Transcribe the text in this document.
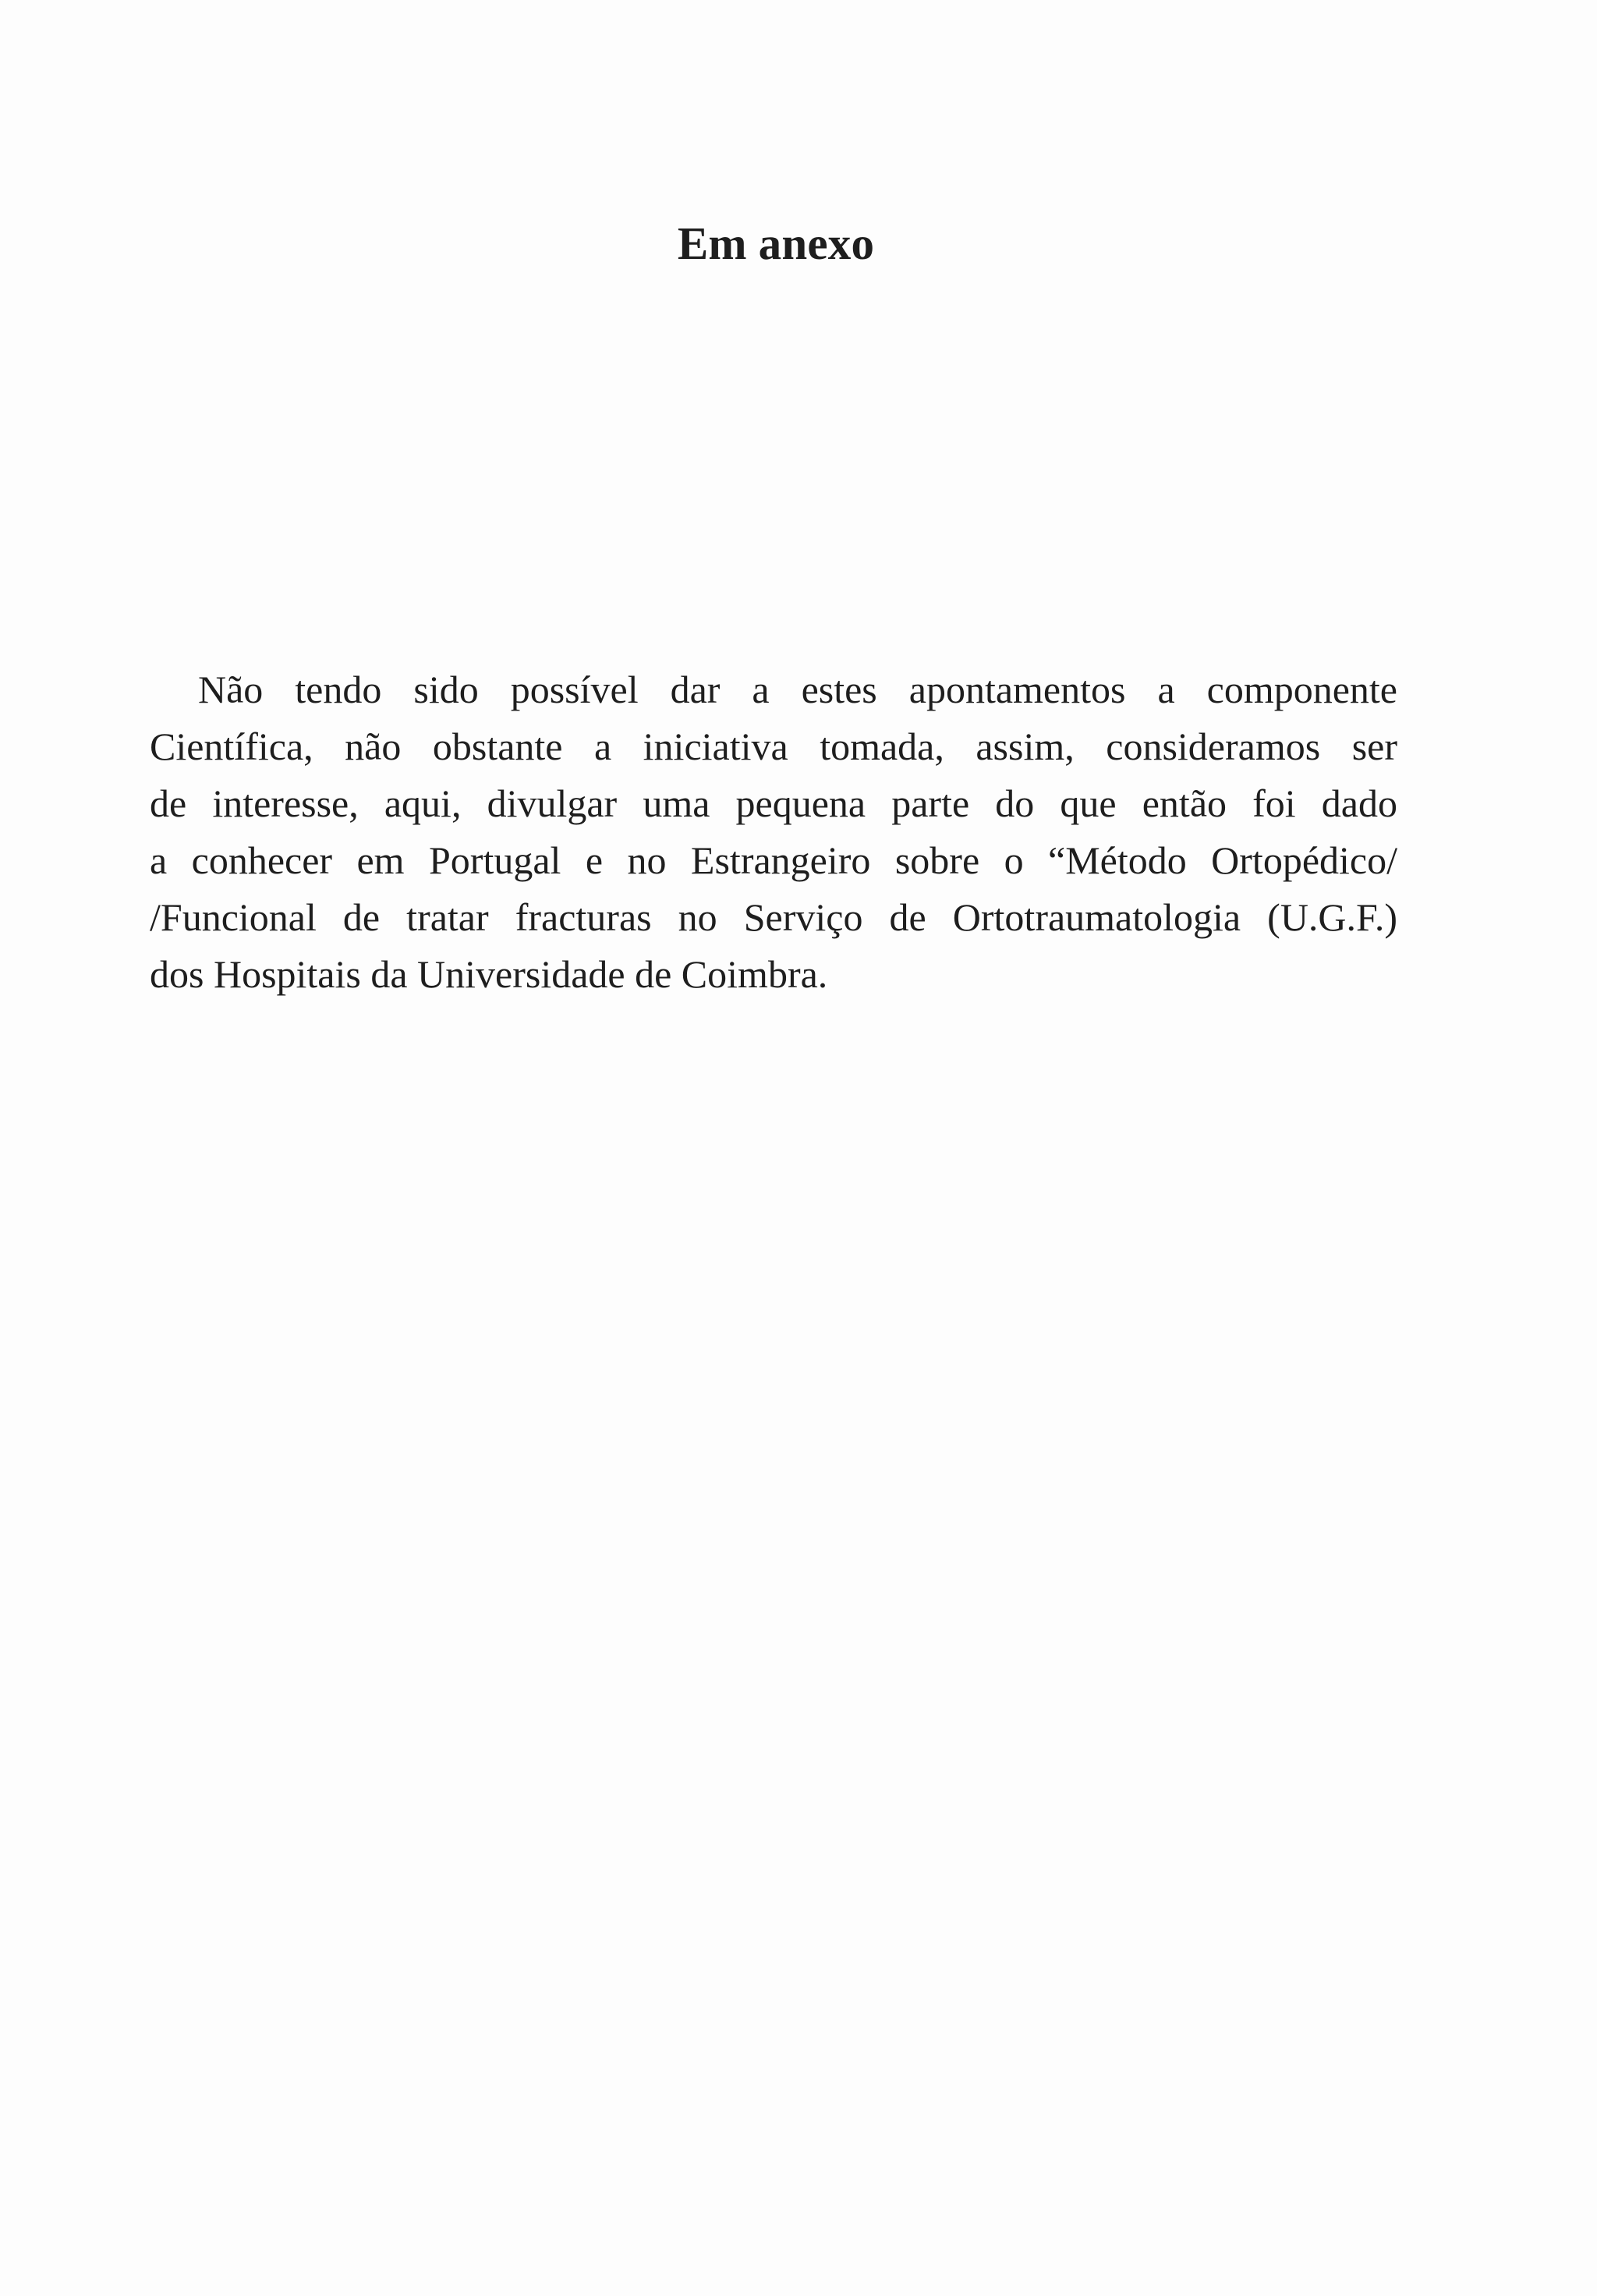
Em anexo
Não tendo sido possível dar a estes apontamentos a componente
Científica, não obstante a iniciativa tomada, assim, consideramos ser
de interesse, aqui, divulgar uma pequena parte do que então foi dado
a conhecer em Portugal e no Estrangeiro sobre o “Método Ortopédico/
/Funcional de tratar fracturas no Serviço de Ortotraumatologia (U.G.F.)
dos Hospitais da Universidade de Coimbra.
